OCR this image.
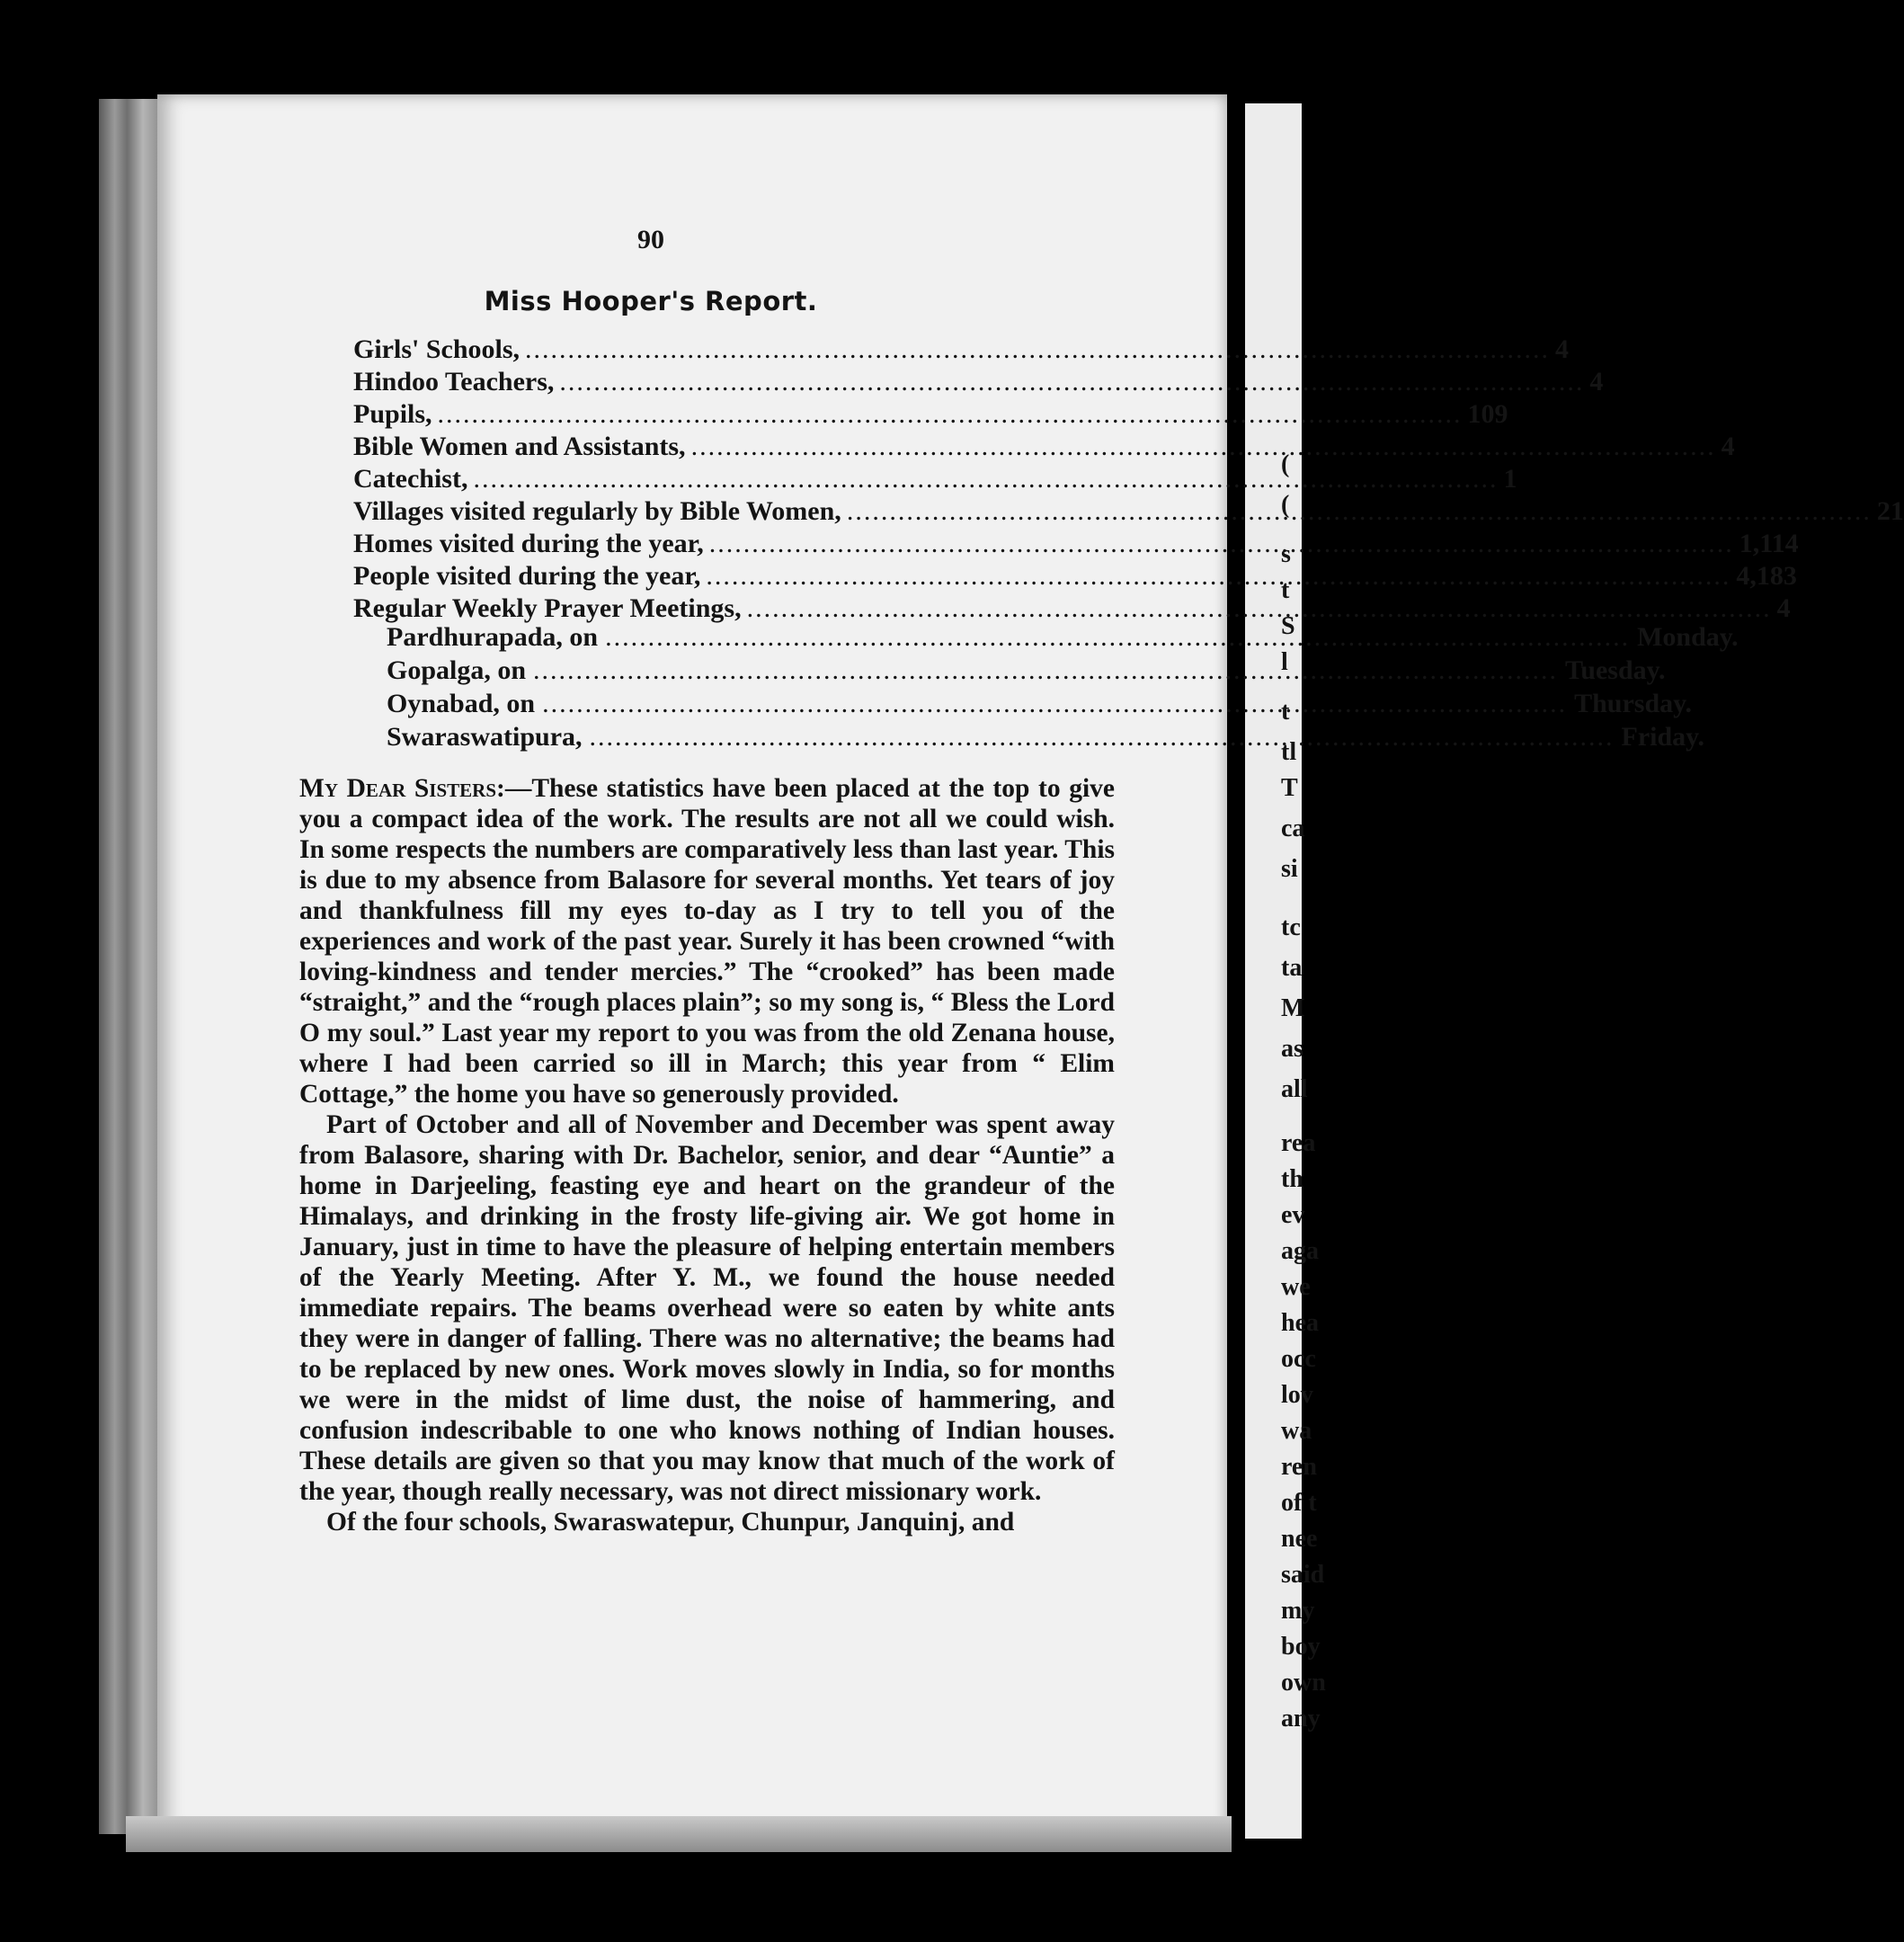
(
(
s
t
S
l
t
tl
T
ca
si
tc
ta
M
as
all
rea
th
ev
aga
we
hea
occ
lov
wa
ren
of t
nee
said
my
boy
own
any
90
Miss Hooper's Report.
Girls' Schools, .....	4
Hindoo Teachers, .....	4
Pupils, .....	109
Bible Women and Assistants, .....	4
Catechist, .....	1
Villages visited regularly by Bible Women, .....	21
Homes visited during the year, .....	1,114
People visited during the year, .....	4,183
Regular Weekly Prayer Meetings, .....	4
Pardhurapada, on .....	Monday.
Gopalga, on .....	Tuesday.
Oynabad, on .....	Thursday.
Swaraswatipura, .....	Friday.

My Dear Sisters:—These statistics have been placed at the top to give you a compact idea of the work. The results are not all we could wish. In some respects the numbers are comparatively less than last year. This is due to my absence from Balasore for several months. Yet tears of joy and thankfulness fill my eyes to-day as I try to tell you of the experiences and work of the past year. Surely it has been crowned “with loving-kindness and tender mercies.” The “crooked” has been made “straight,” and the “rough places plain”; so my song is, “ Bless the Lord O my soul.” Last year my report to you was from the old Zenana house, where I had been carried so ill in March; this year from “ Elim Cottage,” the home you have so generously provided.

Part of October and all of November and December was spent away from Balasore, sharing with Dr. Bachelor, senior, and dear “Auntie” a home in Darjeeling, feasting eye and heart on the grandeur of the Himalays, and drinking in the frosty life-giving air. We got home in January, just in time to have the pleasure of helping entertain members of the Yearly Meeting. After Y. M., we found the house needed immediate repairs. The beams overhead were so eaten by white ants they were in danger of falling. There was no alternative; the beams had to be replaced by new ones. Work moves slowly in India, so for months we were in the midst of lime dust, the noise of hammering, and confusion indescribable to one who knows nothing of Indian houses. These details are given so that you may know that much of the work of the year, though really necessary, was not direct missionary work.

Of the four schools, Swaraswatepur, Chunpur, Janquinj, and
